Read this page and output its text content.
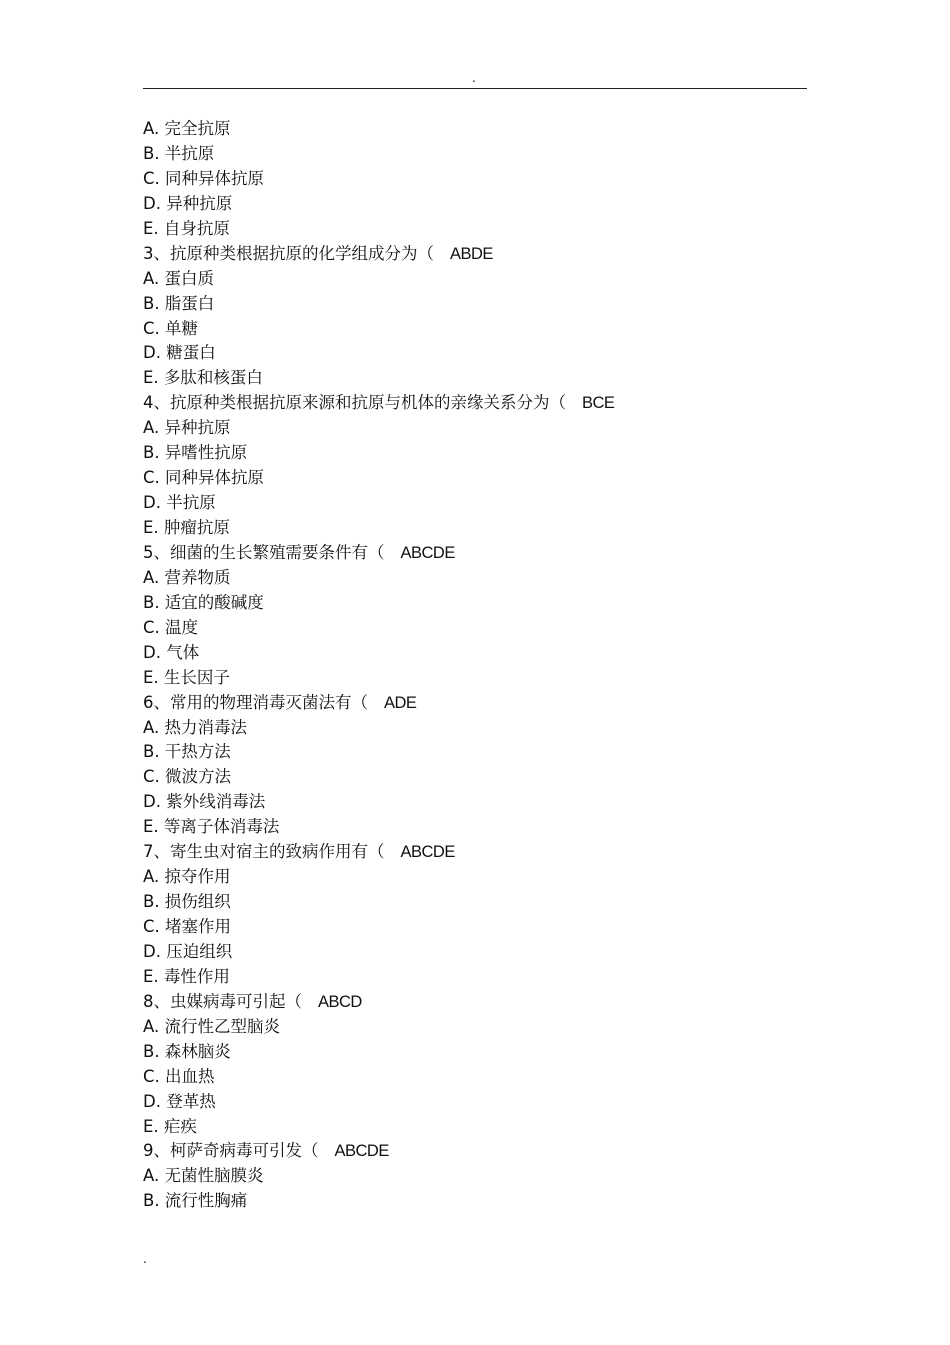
.
A. 完全抗原
B. 半抗原
C. 同种异体抗原
D. 异种抗原
E. 自身抗原
3、抗原种类根据抗原的化学组成分为（ ABDE
A. 蛋白质
B. 脂蛋白
C. 单糖
D. 糖蛋白
E. 多肽和核蛋白
4、抗原种类根据抗原来源和抗原与机体的亲缘关系分为（ BCE
A. 异种抗原
B. 异嗜性抗原
C. 同种异体抗原
D. 半抗原
E. 肿瘤抗原
5、细菌的生长繁殖需要条件有（ ABCDE
A. 营养物质
B. 适宜的酸碱度
C. 温度
D. 气体
E. 生长因子
6、常用的物理消毒灭菌法有（ ADE
A. 热力消毒法
B. 干热方法
C. 微波方法
D. 紫外线消毒法
E. 等离子体消毒法
7、寄生虫对宿主的致病作用有（ ABCDE
A. 掠夺作用
B. 损伤组织
C. 堵塞作用
D. 压迫组织
E. 毒性作用
8、虫媒病毒可引起（ ABCD
A. 流行性乙型脑炎
B. 森林脑炎
C. 出血热
D. 登革热
E. 疟疾
9、柯萨奇病毒可引发（ ABCDE
A. 无菌性脑膜炎
B. 流行性胸痛
.
